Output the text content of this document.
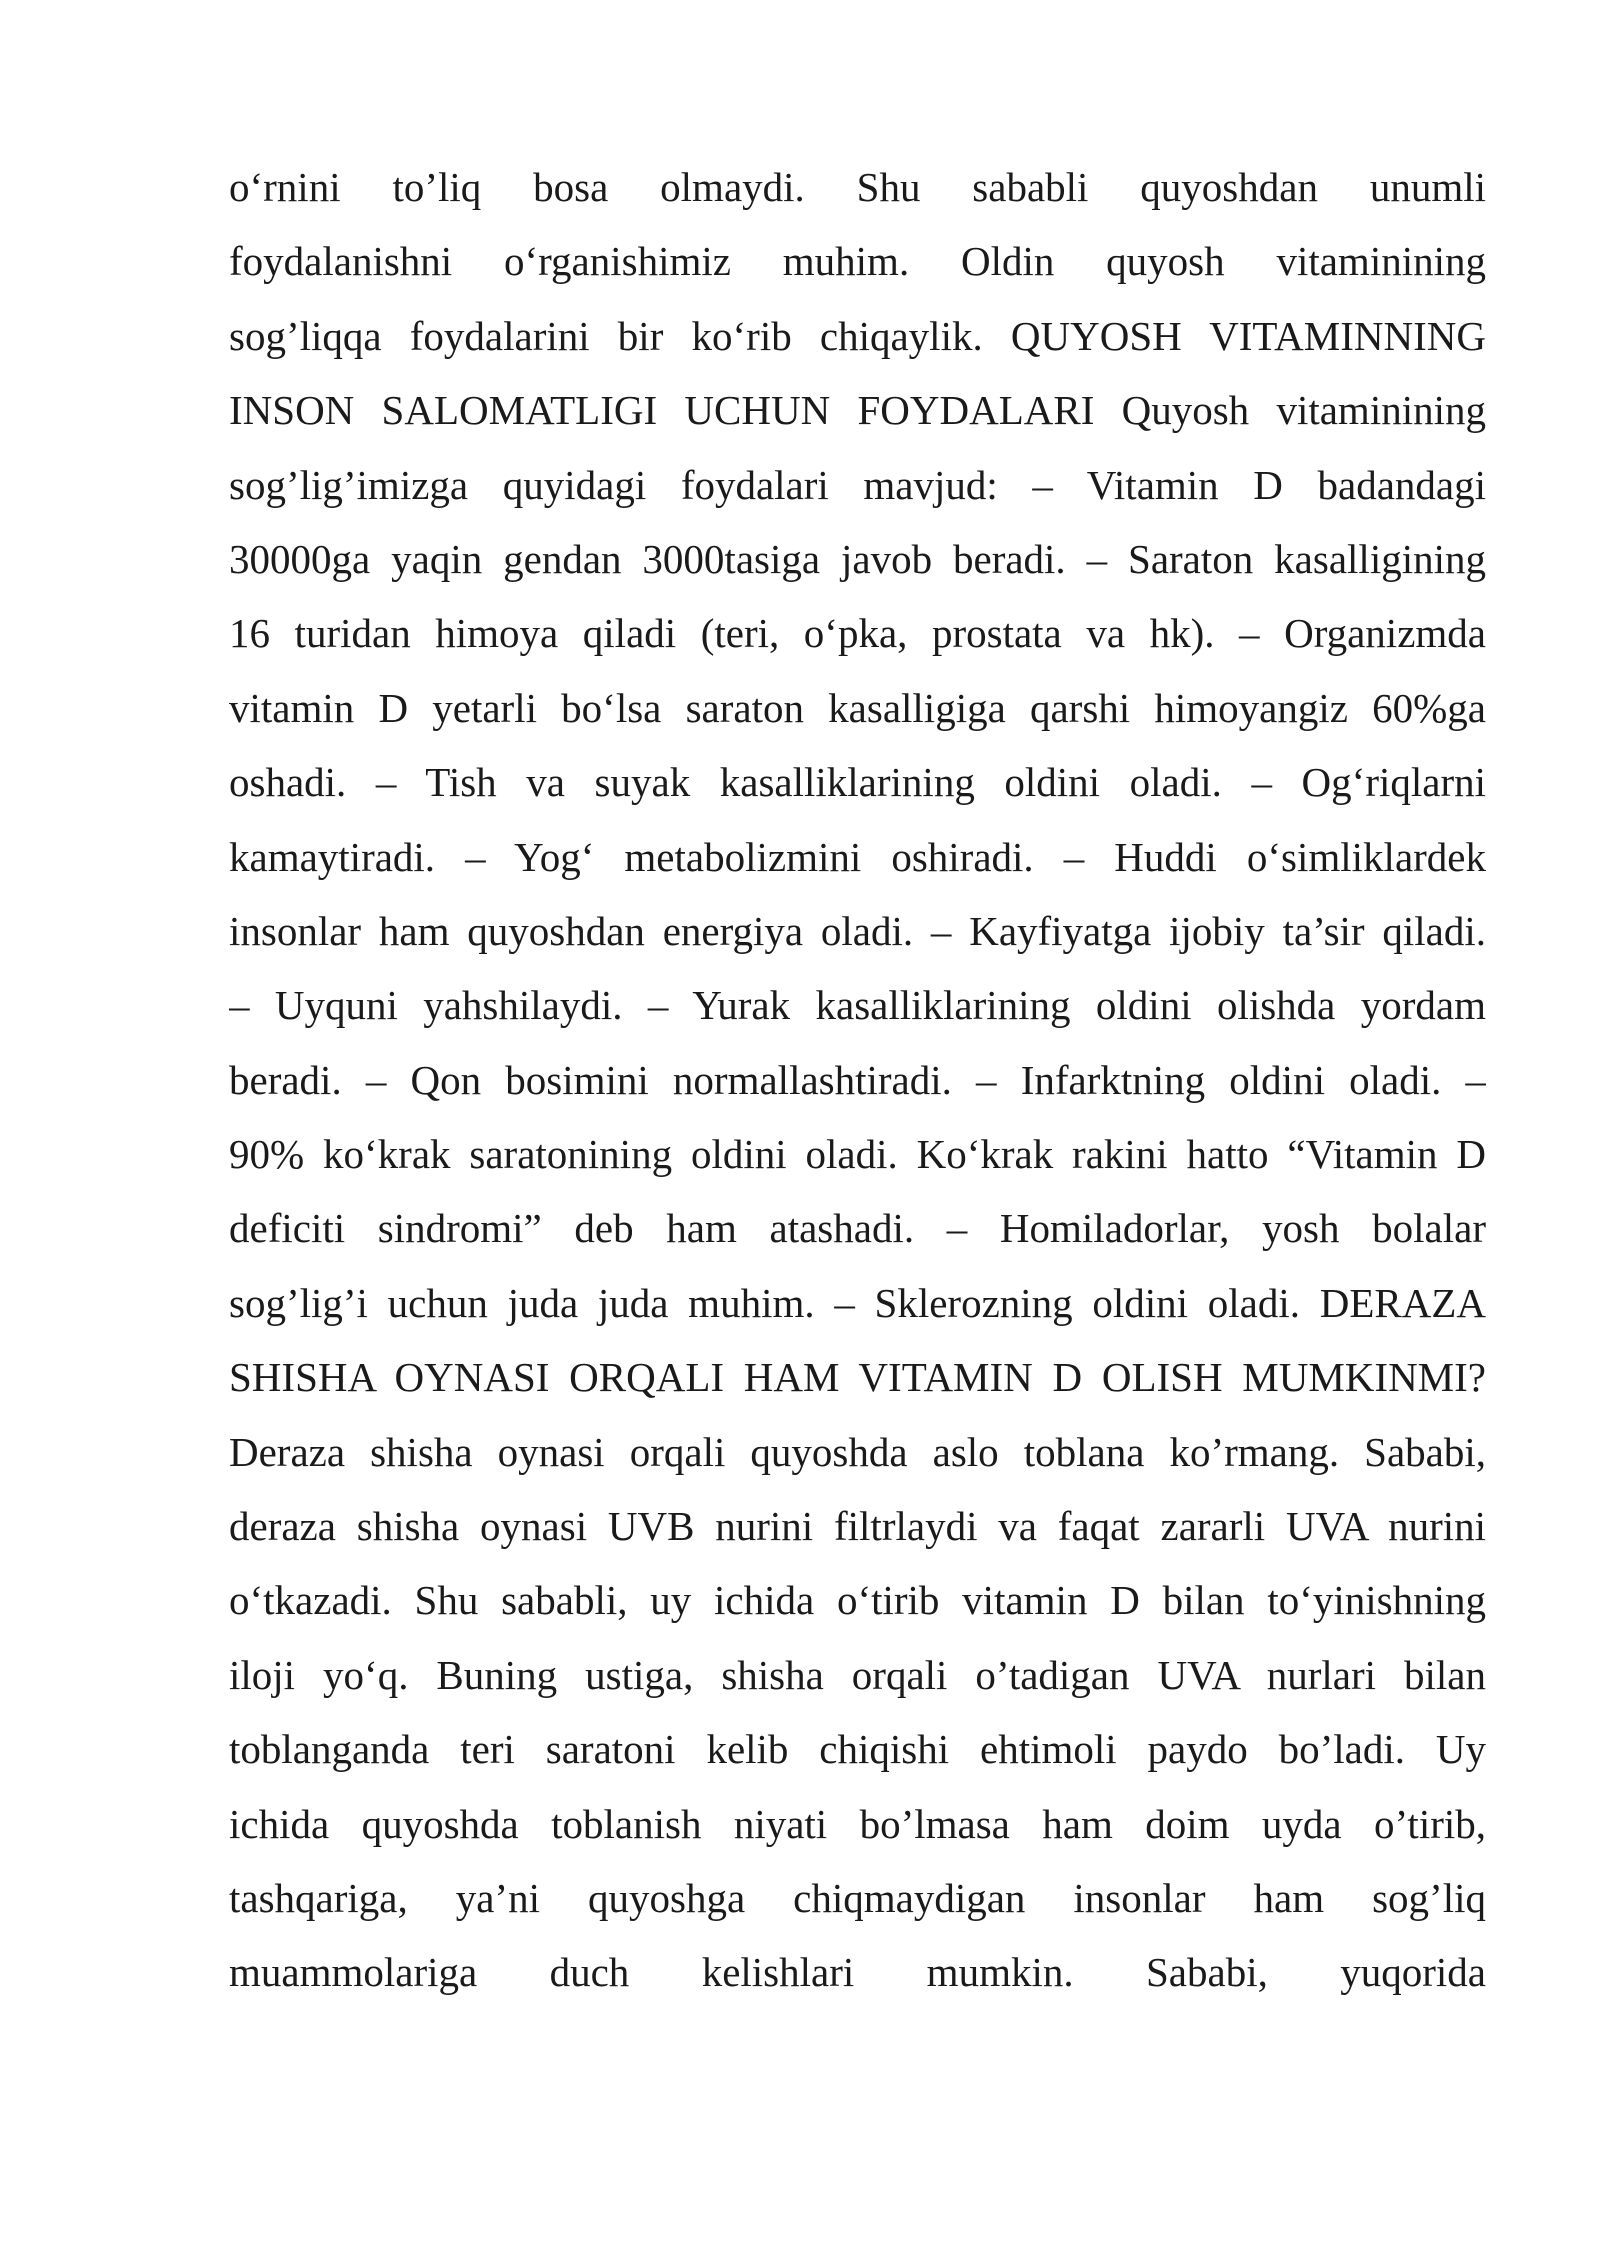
o‘rnini to’liq bosa olmaydi. Shu sababli quyoshdan unumli
foydalanishni o‘rganishimiz muhim. Oldin quyosh vitaminining
sog’liqqa foydalarini bir ko‘rib chiqaylik. QUYOSH VITAMINNING
INSON SALOMATLIGI UCHUN FOYDALARI Quyosh vitaminining
sog’lig’imizga quyidagi foydalari mavjud: – Vitamin D badandagi
30000ga yaqin gendan 3000tasiga javob beradi. – Saraton kasalligining
16 turidan himoya qiladi (teri, o‘pka, prostata va hk). – Organizmda
vitamin D yetarli bo‘lsa saraton kasalligiga qarshi himoyangiz 60%ga
oshadi. – Tish va suyak kasalliklarining oldini oladi. – Og‘riqlarni
kamaytiradi. – Yog‘ metabolizmini oshiradi. – Huddi o‘simliklardek
insonlar ham quyoshdan energiya oladi. – Kayfiyatga ijobiy ta’sir qiladi.
– Uyquni yahshilaydi. – Yurak kasalliklarining oldini olishda yordam
beradi. – Qon bosimini normallashtiradi. – Infarktning oldini oladi. –
90% ko‘krak saratonining oldini oladi. Ko‘krak rakini hatto “Vitamin D
deficiti sindromi” deb ham atashadi. – Homiladorlar, yosh bolalar
sog’lig’i uchun juda juda muhim. – Sklerozning oldini oladi. DERAZA
SHISHA OYNASI ORQALI HAM VITAMIN D OLISH MUMKINMI?
Deraza shisha oynasi orqali quyoshda aslo toblana ko’rmang. Sababi,
deraza shisha oynasi UVB nurini filtrlaydi va faqat zararli UVA nurini
o‘tkazadi. Shu sababli, uy ichida o‘tirib vitamin D bilan to‘yinishning
iloji yo‘q. Buning ustiga, shisha orqali o’tadigan UVA nurlari bilan
toblanganda teri saratoni kelib chiqishi ehtimoli paydo bo’ladi. Uy
ichida quyoshda toblanish niyati bo’lmasa ham doim uyda o’tirib,
tashqariga, ya’ni quyoshga chiqmaydigan insonlar ham sog’liq
muammolariga duch kelishlari mumkin. Sababi, yuqorida
